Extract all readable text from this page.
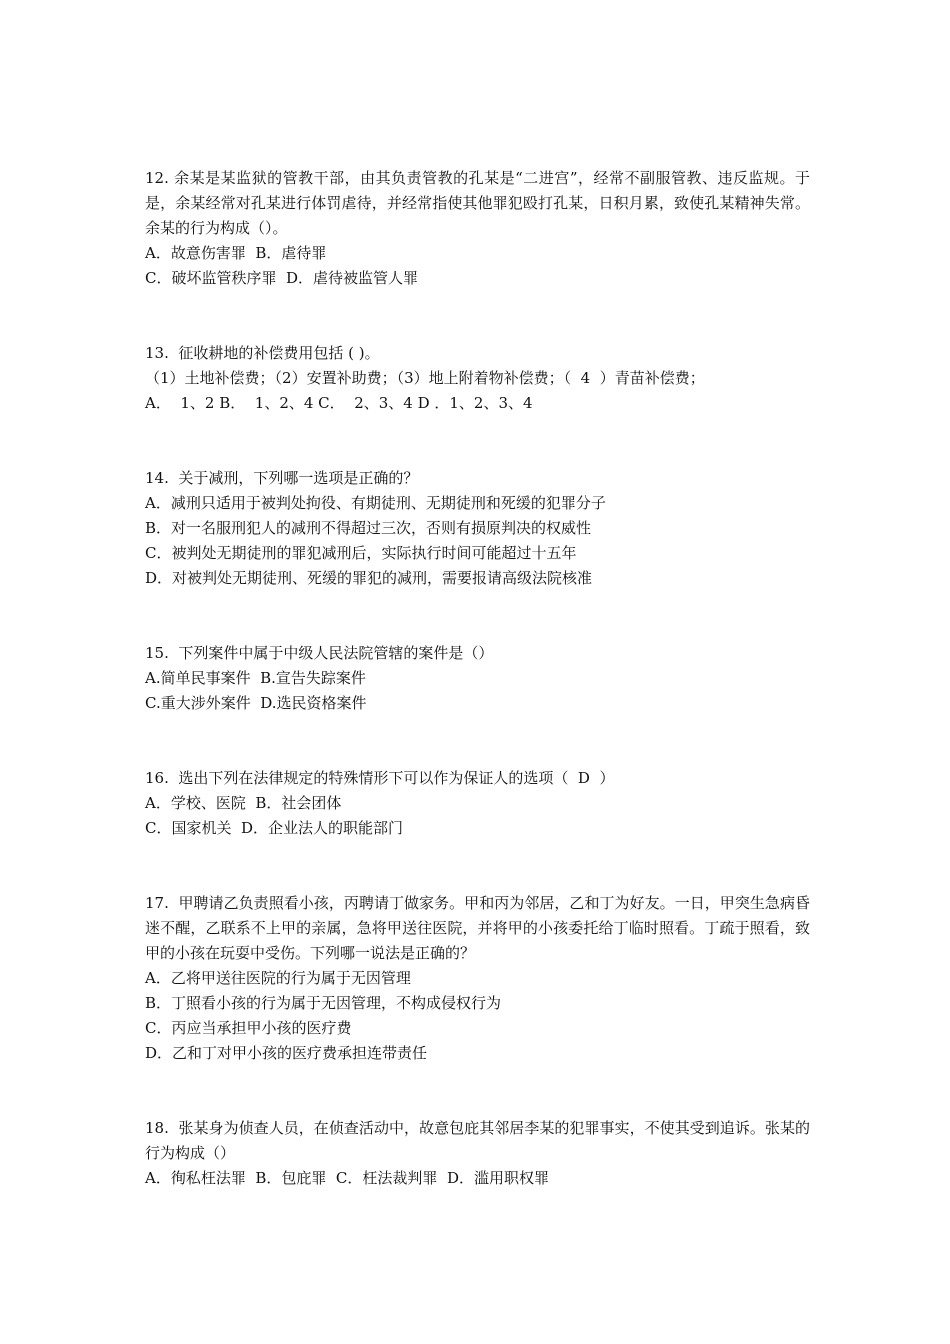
12. 余某是某监狱的管教干部，由其负责管教的孔某是“二进宫”，经常不副服管教、违反监规。于是，余某经常对孔某进行体罚虐待，并经常指使其他罪犯殴打孔某，日积月累，致使孔某精神失常。余某的行为构成（）。

A．故意伤害罪  B．虐待罪

C．破坏监管秩序罪  D．虐待被监管人罪

13.  征收耕地的补偿费用包括 ( )。

（1）土地补偿费；（2）安置补助费；（3）地上附着物补偿费；（  4  ）青苗补偿费；

A．  1、2 B．  1、2、4 C．  2、3、4 D ．1、2、3、4

14.  关于减刑，下列哪一选项是正确的？

A．减刑只适用于被判处拘役、有期徒刑、无期徒刑和死缓的犯罪分子

B．对一名服刑犯人的减刑不得超过三次，否则有损原判决的权威性

C．被判处无期徒刑的罪犯减刑后，实际执行时间可能超过十五年

D．对被判处无期徒刑、死缓的罪犯的减刑，需要报请高级法院核准

15.  下列案件中属于中级人民法院管辖的案件是（）

A.简单民事案件  B.宣告失踪案件

C.重大涉外案件  D.选民资格案件

16.  选出下列在法律规定的特殊情形下可以作为保证人的选项（  D  ）

A．学校、医院  B．社会团体

C．国家机关  D．企业法人的职能部门

17.  甲聘请乙负责照看小孩，丙聘请丁做家务。甲和丙为邻居，乙和丁为好友。一日，甲突生急病昏迷不醒，乙联系不上甲的亲属，急将甲送往医院，并将甲的小孩委托给丁临时照看。丁疏于照看，致甲的小孩在玩耍中受伤。下列哪一说法是正确的？

A．乙将甲送往医院的行为属于无因管理

B．丁照看小孩的行为属于无因管理，不构成侵权行为

C．丙应当承担甲小孩的医疗费

D．乙和丁对甲小孩的医疗费承担连带责任

18.  张某身为侦查人员，在侦查活动中，故意包庇其邻居李某的犯罪事实，不使其受到追诉。张某的行为构成（）

A．徇私枉法罪  B．包庇罪  C．枉法裁判罪  D．滥用职权罪
